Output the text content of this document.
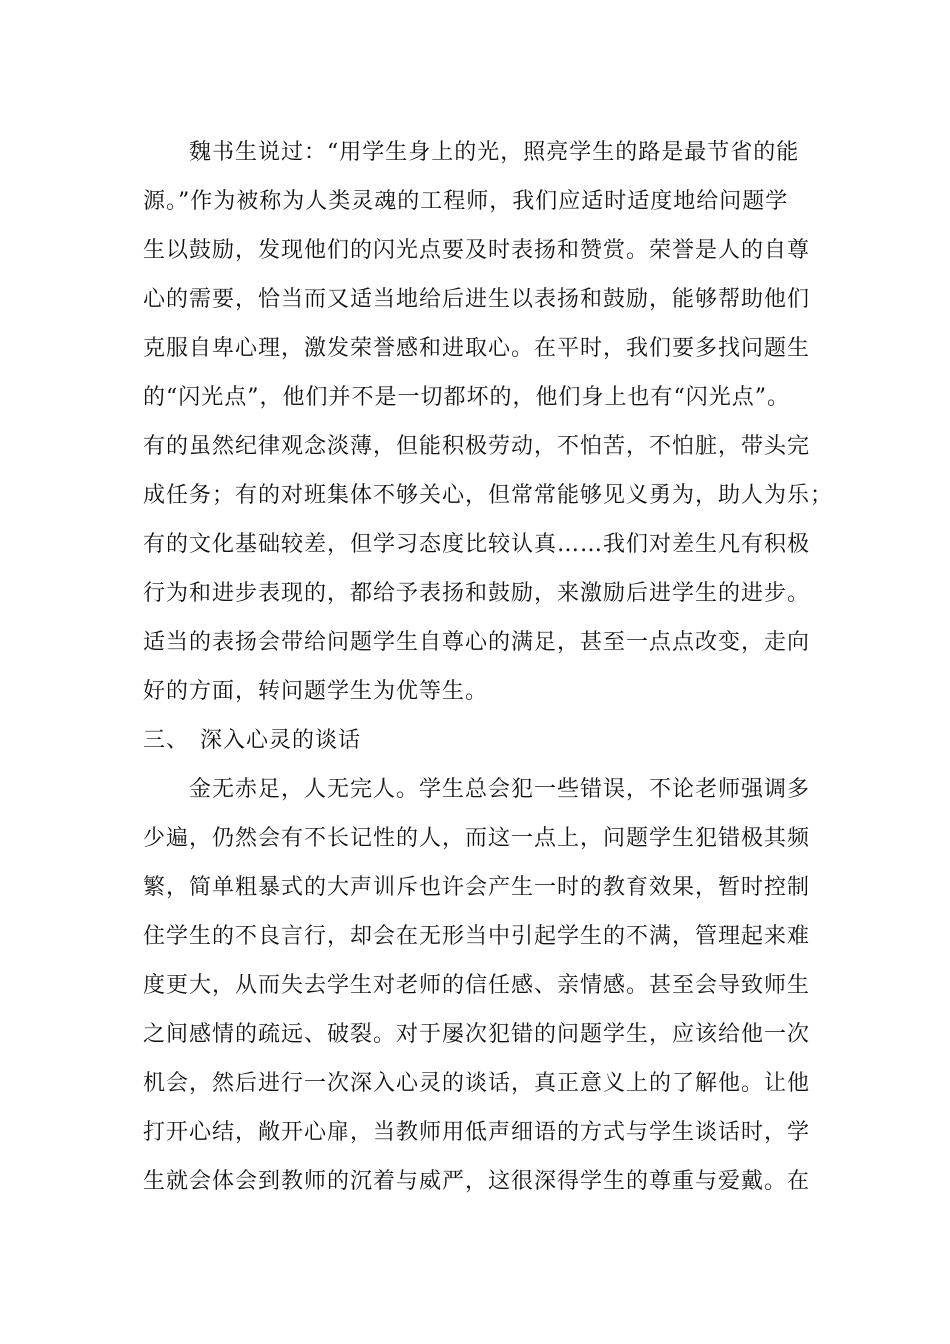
魏书生说过：“用学生身上的光，照亮学生的路是最节省的能
源。”作为被称为人类灵魂的工程师，我们应适时适度地给问题学
生以鼓励，发现他们的闪光点要及时表扬和赞赏。荣誉是人的自尊
心的需要，恰当而又适当地给后进生以表扬和鼓励，能够帮助他们
克服自卑心理，激发荣誉感和进取心。在平时，我们要多找问题生
的“闪光点”，他们并不是一切都坏的，他们身上也有“闪光点”。
有的虽然纪律观念淡薄，但能积极劳动，不怕苦，不怕脏，带头完
成任务；有的对班集体不够关心，但常常能够见义勇为，助人为乐；
有的文化基础较差，但学习态度比较认真……我们对差生凡有积极
行为和进步表现的，都给予表扬和鼓励，来激励后进学生的进步。
适当的表扬会带给问题学生自尊心的满足，甚至一点点改变，走向
好的方面，转问题学生为优等生。
三、 深入心灵的谈话
金无赤足，人无完人。学生总会犯一些错误，不论老师强调多
少遍，仍然会有不长记性的人，而这一点上，问题学生犯错极其频
繁，简单粗暴式的大声训斥也许会产生一时的教育效果，暂时控制
住学生的不良言行，却会在无形当中引起学生的不满，管理起来难
度更大，从而失去学生对老师的信任感、亲情感。甚至会导致师生
之间感情的疏远、破裂。对于屡次犯错的问题学生，应该给他一次
机会，然后进行一次深入心灵的谈话，真正意义上的了解他。让他
打开心结，敞开心扉，当教师用低声细语的方式与学生谈话时，学
生就会体会到教师的沉着与威严，这很深得学生的尊重与爱戴。在
